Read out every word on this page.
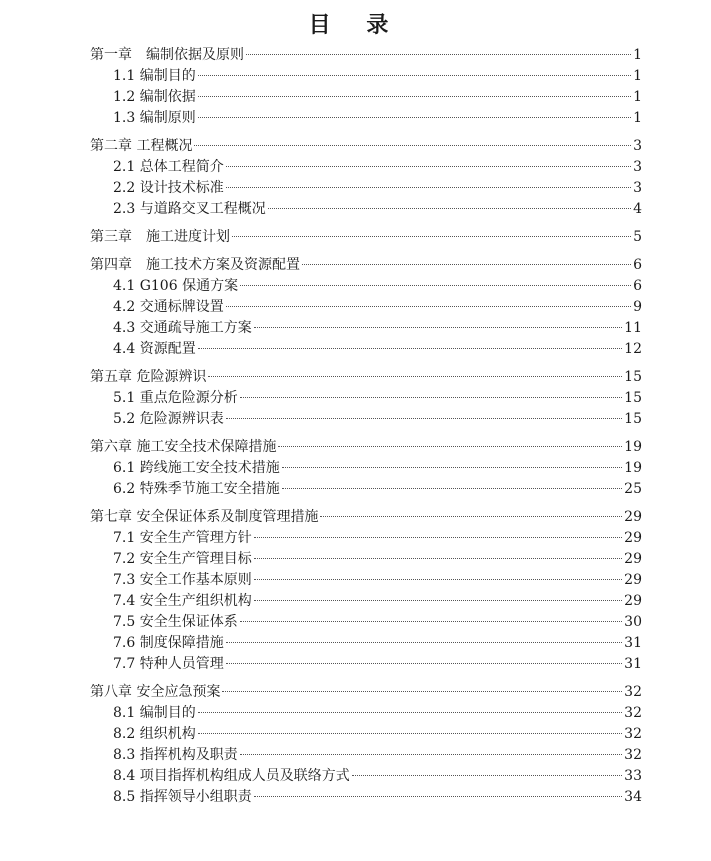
目 录
第一章　编制依据及原则	1
1.1 编制目的	1
1.2 编制依据	1
1.3 编制原则	1
第二章 工程概况	3
2.1 总体工程简介	3
2.2 设计技术标准	3
2.3 与道路交叉工程概况	4
第三章　施工进度计划	5
第四章　施工技术方案及资源配置	6
4.1 G106 保通方案	6
4.2 交通标牌设置	9
4.3 交通疏导施工方案	11
4.4 资源配置	12
第五章 危险源辨识	15
5.1 重点危险源分析	15
5.2 危险源辨识表	15
第六章 施工安全技术保障措施	19
6.1 跨线施工安全技术措施	19
6.2 特殊季节施工安全措施	25
第七章 安全保证体系及制度管理措施	29
7.1 安全生产管理方针	29
7.2 安全生产管理目标	29
7.3 安全工作基本原则	29
7.4 安全生产组织机构	29
7.5 安全生保证体系	30
7.6 制度保障措施	31
7.7 特种人员管理	31
第八章 安全应急预案	32
8.1 编制目的	32
8.2 组织机构	32
8.3 指挥机构及职责	32
8.4 项目指挥机构组成人员及联络方式	33
8.5 指挥领导小组职责	34
